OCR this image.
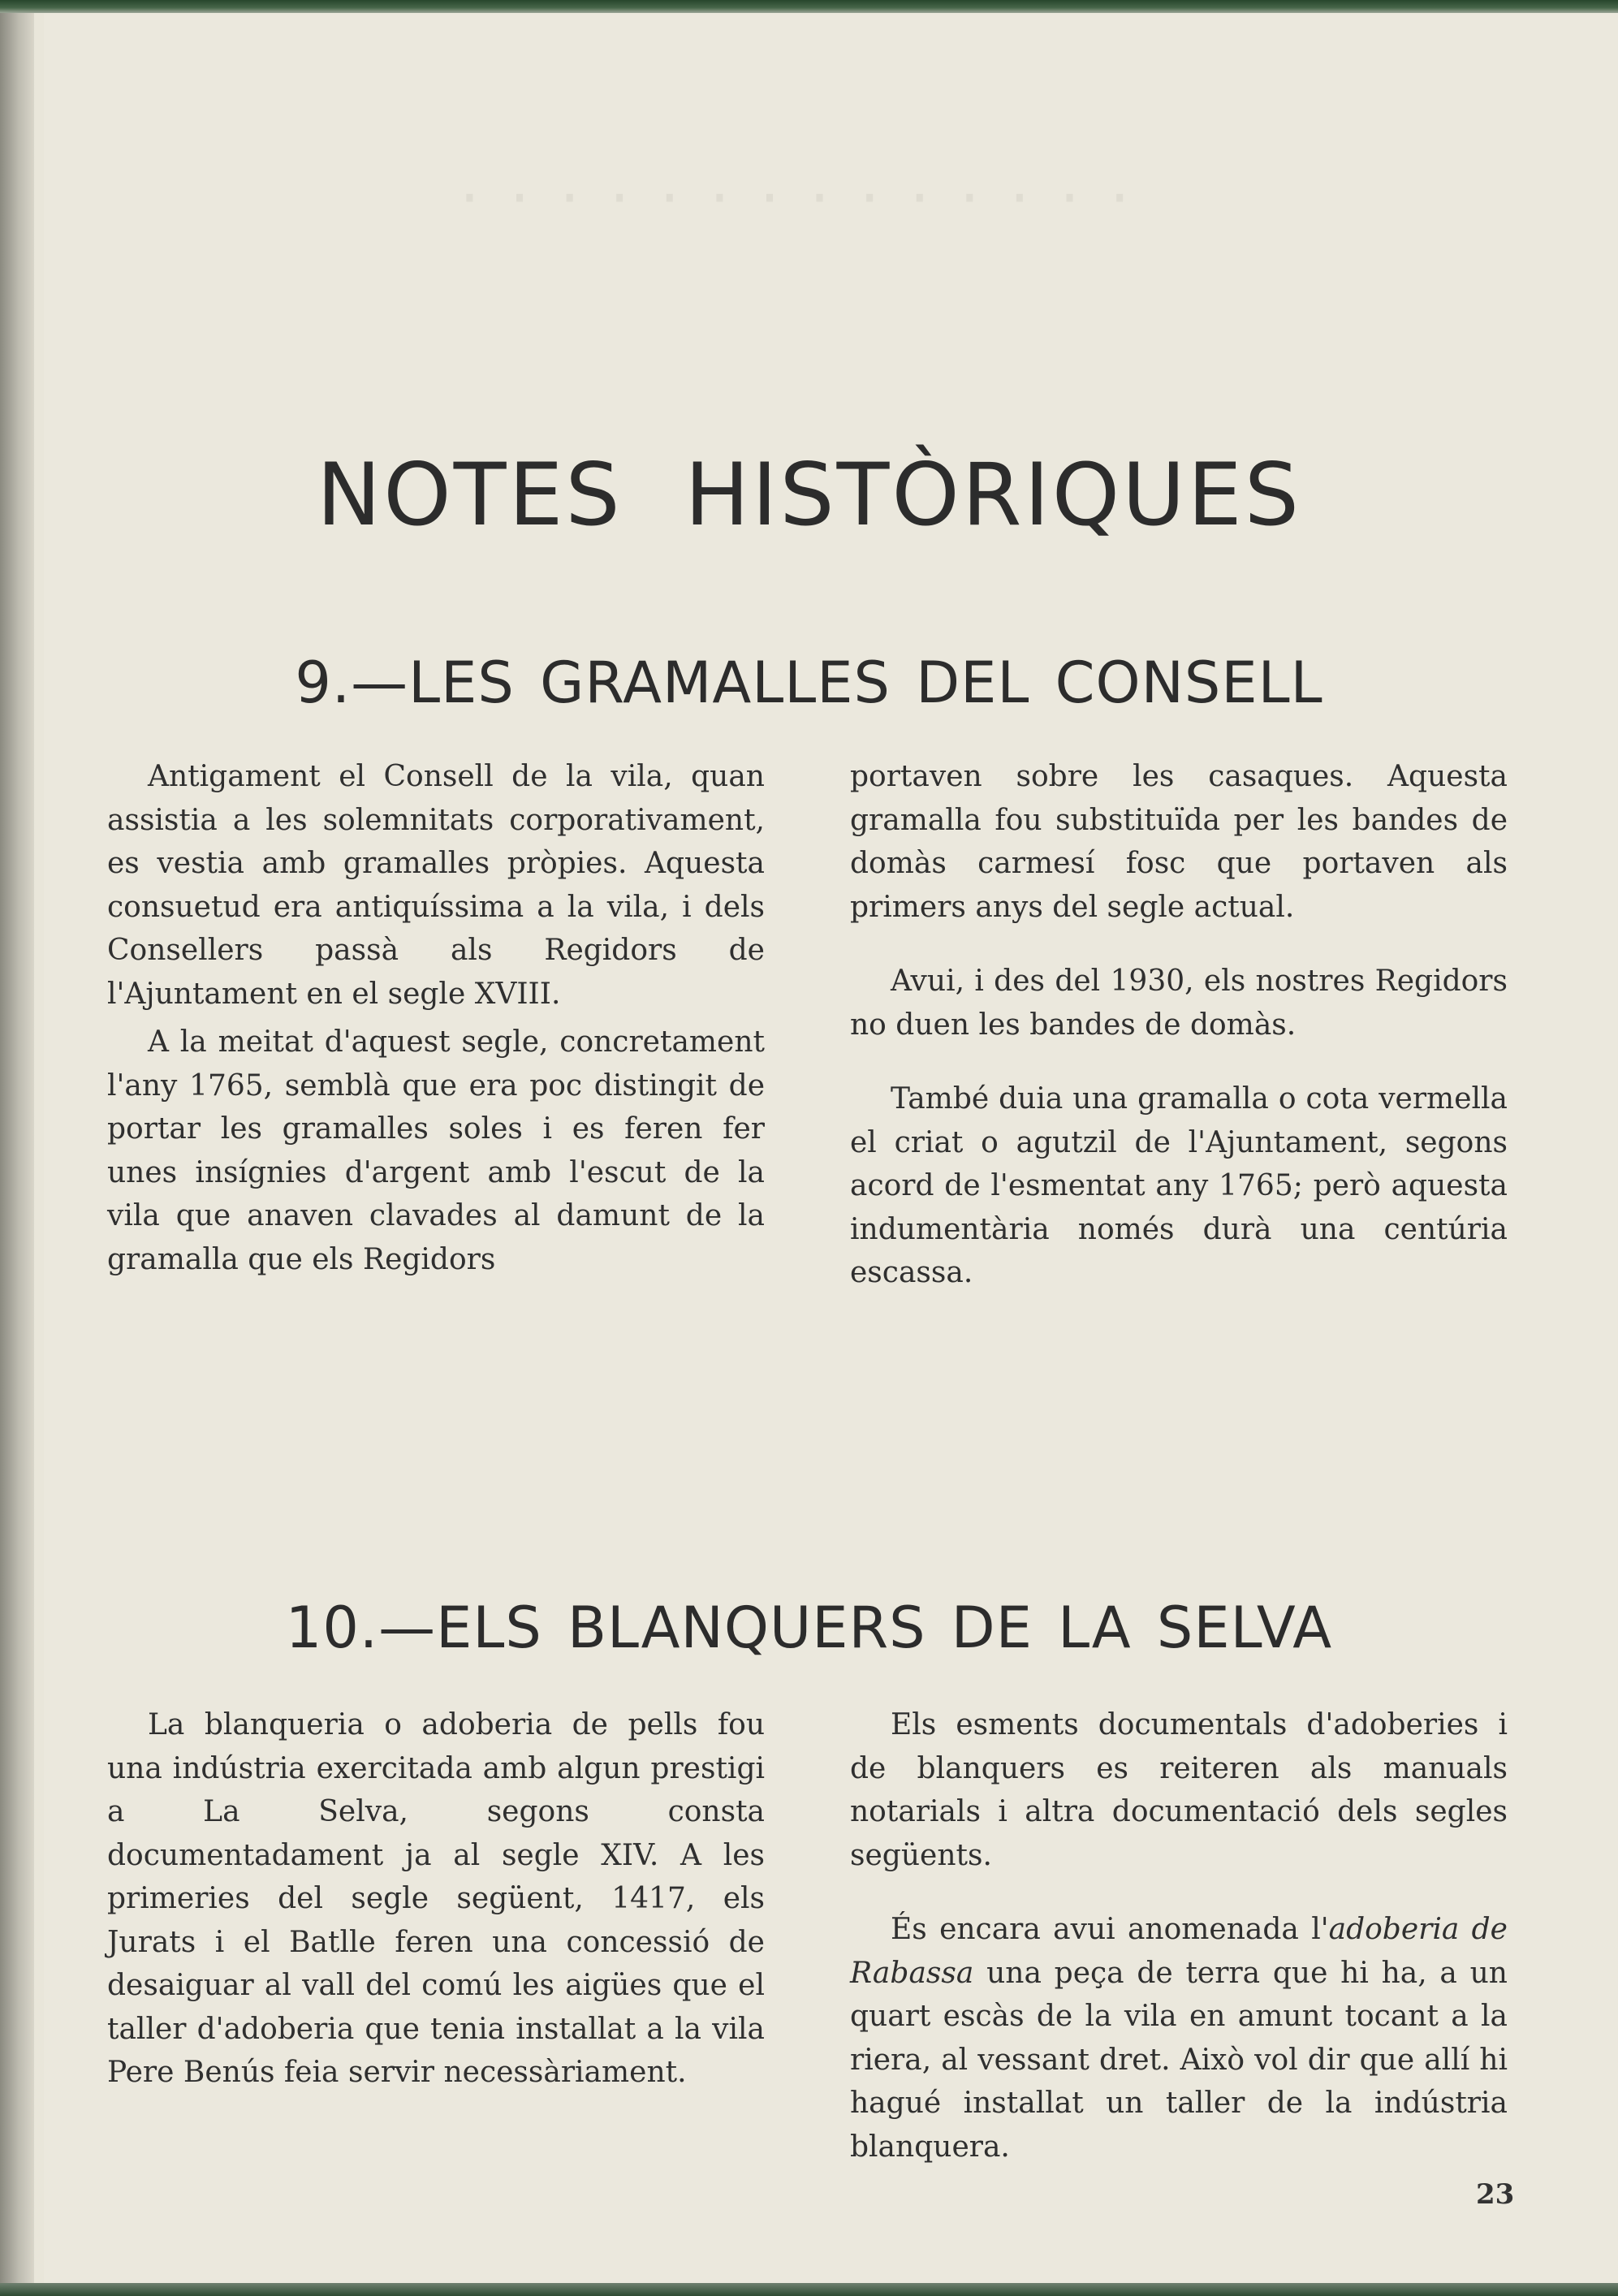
· · · · · · · · · · · · · ·
NOTES HISTÒRIQUES
9.—LES GRAMALLES DEL CONSELL

Antigament el Consell de la vila, quan assistia a les solemnitats corporativament, es vestia amb gramalles pròpies. Aquesta consuetud era antiquíssima a la vila, i dels Consellers passà als Regidors de l'Ajuntament en el segle XVIII.

A la meitat d'aquest segle, concretament l'any 1765, semblà que era poc distingit de portar les gramalles soles i es feren fer unes insígnies d'argent amb l'escut de la vila que anaven clavades al damunt de la gramalla que els Regidors

portaven sobre les casaques. Aquesta gramalla fou substituïda per les bandes de domàs carmesí fosc que portaven als primers anys del segle actual.

Avui, i des del 1930, els nostres Regidors no duen les bandes de domàs.

També duia una gramalla o cota vermella el criat o agutzil de l'Ajuntament, segons acord de l'esmentat any 1765; però aquesta indumentària només durà una centúria escassa.

10.—ELS BLANQUERS DE LA SELVA

La blanqueria o adoberia de pells fou una indústria exercitada amb algun prestigi a La Selva, segons consta documentadament ja al segle XIV. A les primeries del segle següent, 1417, els Jurats i el Batlle feren una concessió de desaiguar al vall del comú les aigües que el taller d'adoberia que tenia installat a la vila Pere Benús feia servir necessàriament.

Els esments documentals d'adoberies i de blanquers es reiteren als manuals notarials i altra documentació dels segles següents.

És encara avui anomenada l'adoberia de Rabassa una peça de terra que hi ha, a un quart escàs de la vila en amunt tocant a la riera, al vessant dret. Això vol dir que allí hi hagué installat un taller de la indústria blanquera.

23
